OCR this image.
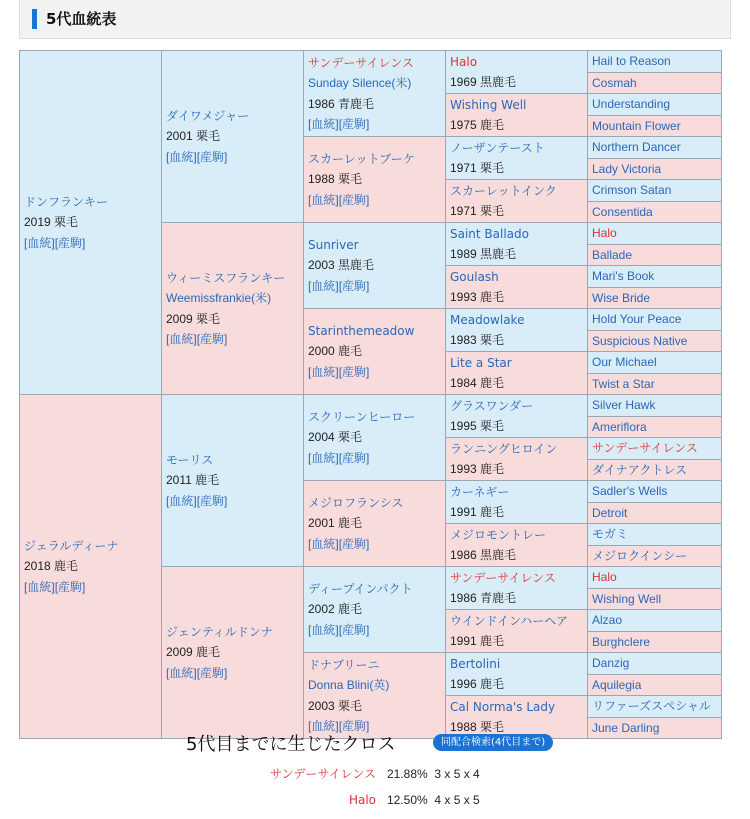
5代血統表
ドンフランキー
2019 栗毛
[血統][産駒]	ダイワメジャー
2001 栗毛
[血統][産駒]	サンデーサイレンス
Sunday Silence(米)
1986 青鹿毛
[血統][産駒]	Halo
1969 黒鹿毛	Hail to Reason
				Cosmah

			Wishing Well
1975 鹿毛	Understanding
				Mountain Flower

		スカーレットブーケ
1988 栗毛
[血統][産駒]	ノーザンテースト
1971 栗毛	Northern Dancer
				Lady Victoria

			スカーレットインク
1971 栗毛	Crimson Satan
				Consentida

	ウィーミスフランキー
Weemissfrankie(米)
2009 栗毛
[血統][産駒]	Sunriver
2003 黒鹿毛
[血統][産駒]	Saint Ballado
1989 黒鹿毛	Halo
				Ballade

			Goulash
1993 鹿毛	Mari's Book
				Wise Bride

		Starinthemeadow
2000 鹿毛
[血統][産駒]	Meadowlake
1983 栗毛	Hold Your Peace
				Suspicious Native

			Lite a Star
1984 鹿毛	Our Michael
				Twist a Star

ジェラルディーナ
2018 鹿毛
[血統][産駒]	モーリス
2011 鹿毛
[血統][産駒]	スクリーンヒーロー
2004 栗毛
[血統][産駒]	グラスワンダー
1995 栗毛	Silver Hawk
				Ameriflora

			ランニングヒロイン
1993 鹿毛	サンデーサイレンス
				ダイナアクトレス

		メジロフランシス
2001 鹿毛
[血統][産駒]	カーネギー
1991 鹿毛	Sadler's Wells
				Detroit

			メジロモントレー
1986 黒鹿毛	モガミ
				メジロクインシー

	ジェンティルドンナ
2009 鹿毛
[血統][産駒]	ディープインパクト
2002 鹿毛
[血統][産駒]	サンデーサイレンス
1986 青鹿毛	Halo
				Wishing Well

			ウインドインハーヘア
1991 鹿毛	Alzao
				Burghclere

		ドナブリーニ
Donna Blini(英)
2003 栗毛
[血統][産駒]	Bertolini
1996 鹿毛	Danzig
				Aquilegia

			Cal Norma's Lady
1988 栗毛	リファーズスペシャル
				June Darling
5代目までに生じたクロス	同配合検索(4代目まで)
サンデーサイレンス 21.88% 3 x 5 x 4
Halo 12.50% 4 x 5 x 5
